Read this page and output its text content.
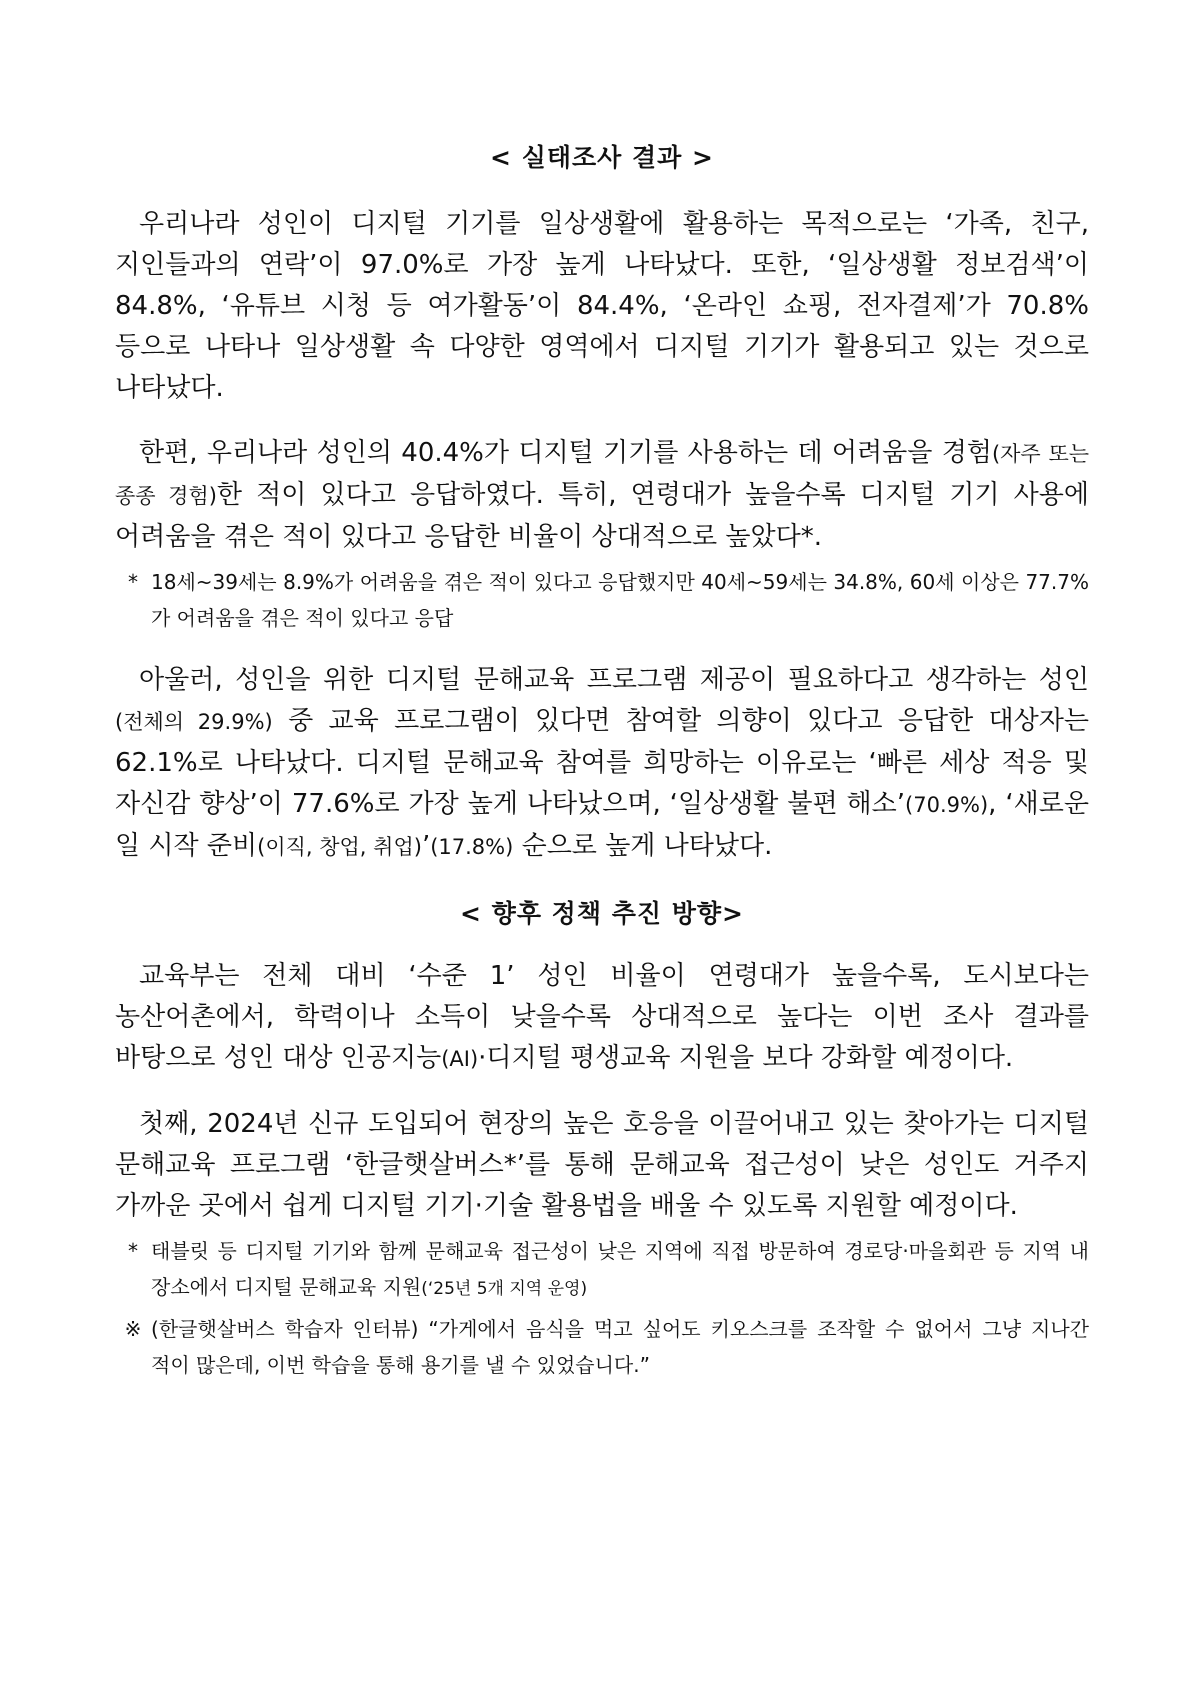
< 실태조사 결과 >

우리나라 성인이 디지털 기기를 일상생활에 활용하는 목적으로는 ‘가족, 친구, 지인들과의 연락’이 97.0%로 가장 높게 나타났다. 또한, ‘일상생활 정보검색’이 84.8%, ‘유튜브 시청 등 여가활동’이 84.4%, ‘온라인 쇼핑, 전자결제’가 70.8% 등으로 나타나 일상생활 속 다양한 영역에서 디지털 기기가 활용되고 있는 것으로 나타났다.

한편, 우리나라 성인의 40.4%가 디지털 기기를 사용하는 데 어려움을 경험(자주 또는 종종 경험)한 적이 있다고 응답하였다. 특히, 연령대가 높을수록 디지털 기기 사용에 어려움을 겪은 적이 있다고 응답한 비율이 상대적으로 높았다*.

* 18세~39세는 8.9%가 어려움을 겪은 적이 있다고 응답했지만 40세~59세는 34.8%, 60세 이상은 77.7%가 어려움을 겪은 적이 있다고 응답

아울러, 성인을 위한 디지털 문해교육 프로그램 제공이 필요하다고 생각하는 성인(전체의 29.9%) 중 교육 프로그램이 있다면 참여할 의향이 있다고 응답한 대상자는 62.1%로 나타났다. 디지털 문해교육 참여를 희망하는 이유로는 ‘빠른 세상 적응 및 자신감 향상’이 77.6%로 가장 높게 나타났으며, ‘일상생활 불편 해소’(70.9%), ‘새로운 일 시작 준비(이직, 창업, 취업)’(17.8%) 순으로 높게 나타났다.

< 향후 정책 추진 방향>

교육부는 전체 대비 ‘수준 1’ 성인 비율이 연령대가 높을수록, 도시보다는 농산어촌에서, 학력이나 소득이 낮을수록 상대적으로 높다는 이번 조사 결과를 바탕으로 성인 대상 인공지능(AI)·디지털 평생교육 지원을 보다 강화할 예정이다.

첫째, 2024년 신규 도입되어 현장의 높은 호응을 이끌어내고 있는 찾아가는 디지털 문해교육 프로그램 ‘한글햇살버스*’를 통해 문해교육 접근성이 낮은 성인도 거주지 가까운 곳에서 쉽게 디지털 기기·기술 활용법을 배울 수 있도록 지원할 예정이다.

* 태블릿 등 디지털 기기와 함께 문해교육 접근성이 낮은 지역에 직접 방문하여 경로당·마을회관 등 지역 내 장소에서 디지털 문해교육 지원(‘25년 5개 지역 운영)
※ (한글햇살버스 학습자 인터뷰) “가게에서 음식을 먹고 싶어도 키오스크를 조작할 수 없어서 그냥 지나간 적이 많은데, 이번 학습을 통해 용기를 낼 수 있었습니다.”
